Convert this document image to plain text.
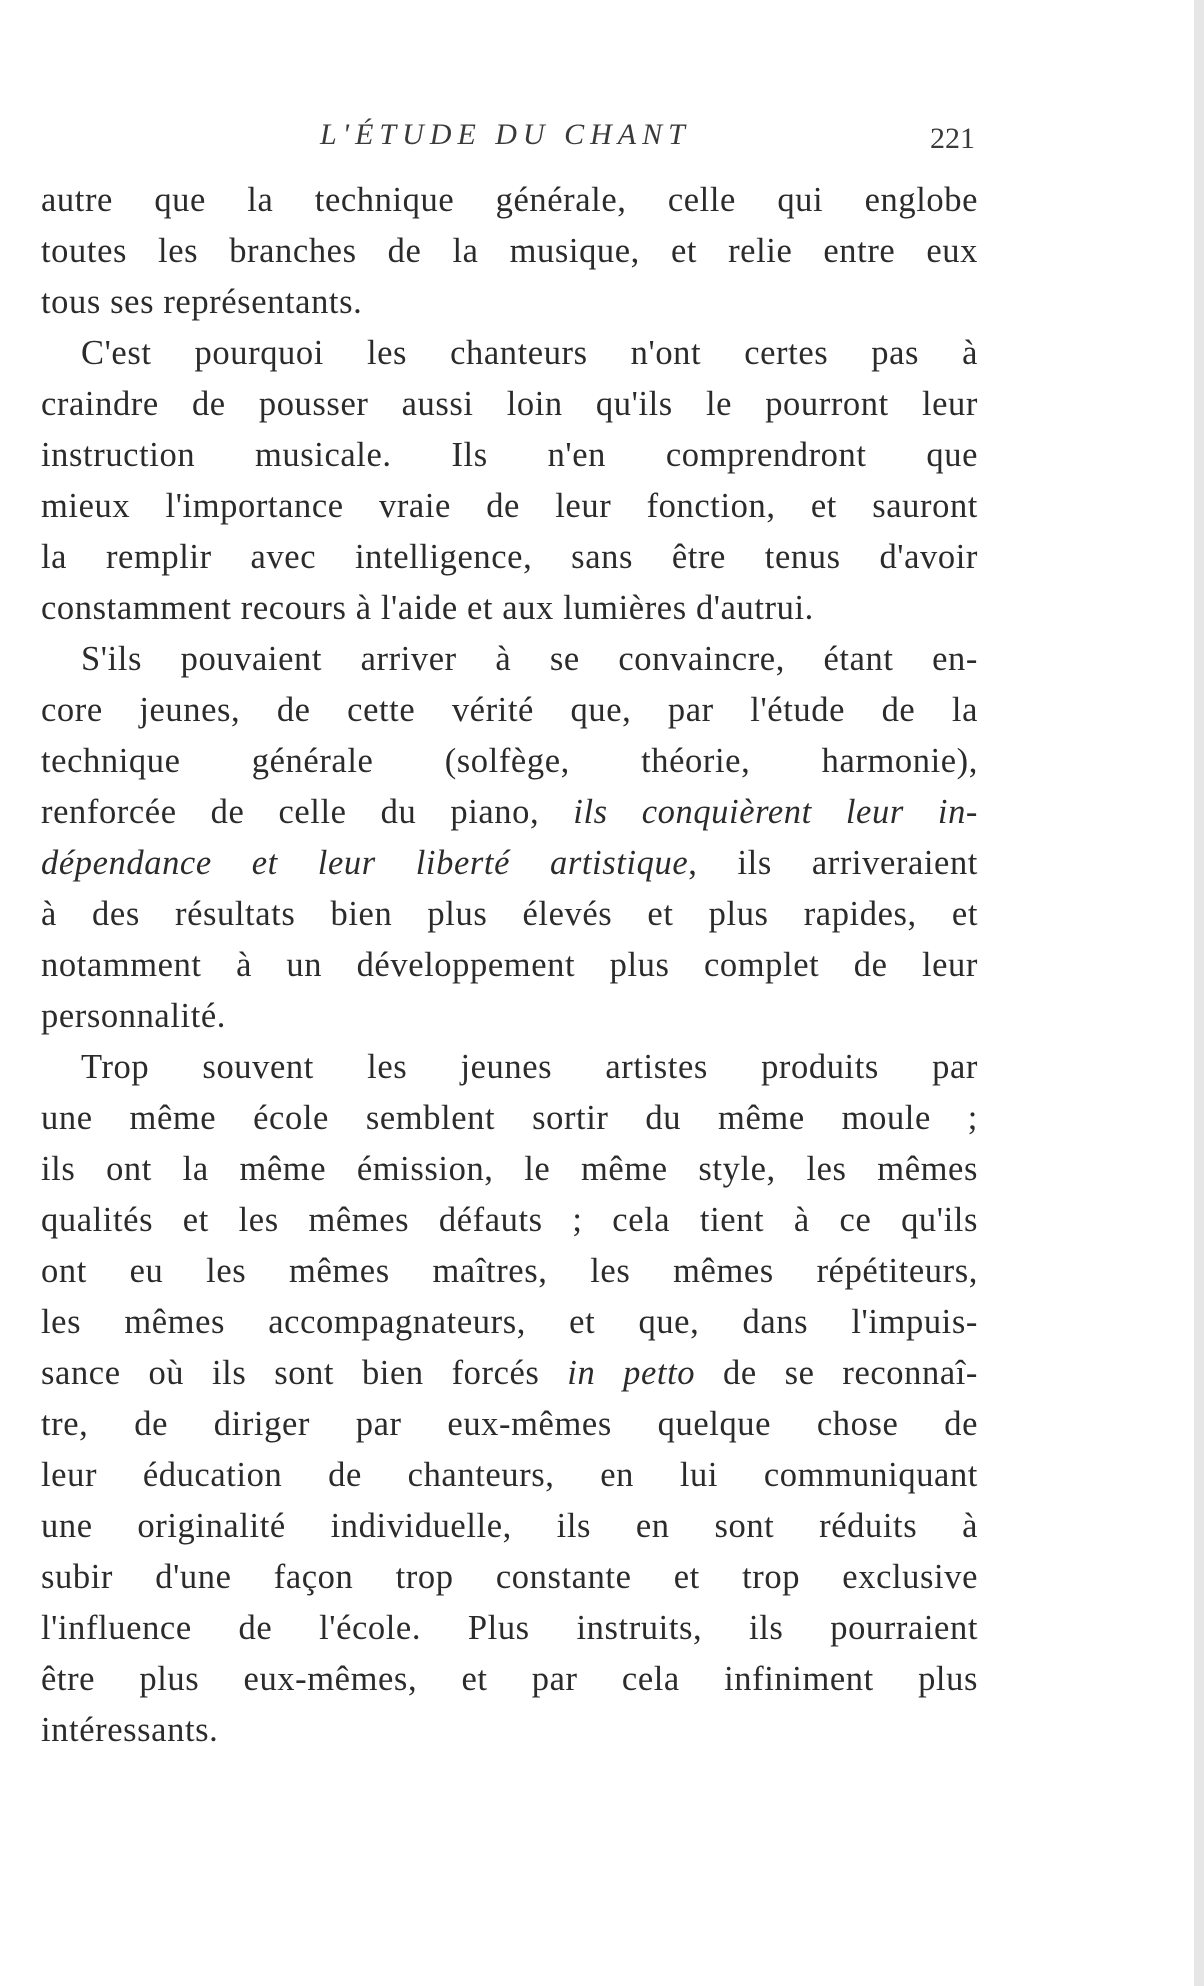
L'ÉTUDE DU CHANT	221
autre que la technique générale, celle qui englobe
toutes les branches de la musique, et relie entre eux
tous ses représentants.
C'est pourquoi les chanteurs n'ont certes pas à
craindre de pousser aussi loin qu'ils le pourront leur
instruction musicale. Ils n'en comprendront que
mieux l'importance vraie de leur fonction, et sauront
la remplir avec intelligence, sans être tenus d'avoir
constamment recours à l'aide et aux lumières d'autrui.
S'ils pouvaient arriver à se convaincre, étant en-
core jeunes, de cette vérité que, par l'étude de la
technique générale (solfège, théorie, harmonie),
renforcée de celle du piano, ils conquièrent leur in-
dépendance et leur liberté artistique, ils arriveraient
à des résultats bien plus élevés et plus rapides, et
notamment à un développement plus complet de leur
personnalité.
Trop souvent les jeunes artistes produits par
une même école semblent sortir du même moule ;
ils ont la même émission, le même style, les mêmes
qualités et les mêmes défauts ; cela tient à ce qu'ils
ont eu les mêmes maîtres, les mêmes répétiteurs,
les mêmes accompagnateurs, et que, dans l'impuis-
sance où ils sont bien forcés in petto de se reconnaî-
tre, de diriger par eux-mêmes quelque chose de
leur éducation de chanteurs, en lui communiquant
une originalité individuelle, ils en sont réduits à
subir d'une façon trop constante et trop exclusive
l'influence de l'école. Plus instruits, ils pourraient
être plus eux-mêmes, et par cela infiniment plus
intéressants.
